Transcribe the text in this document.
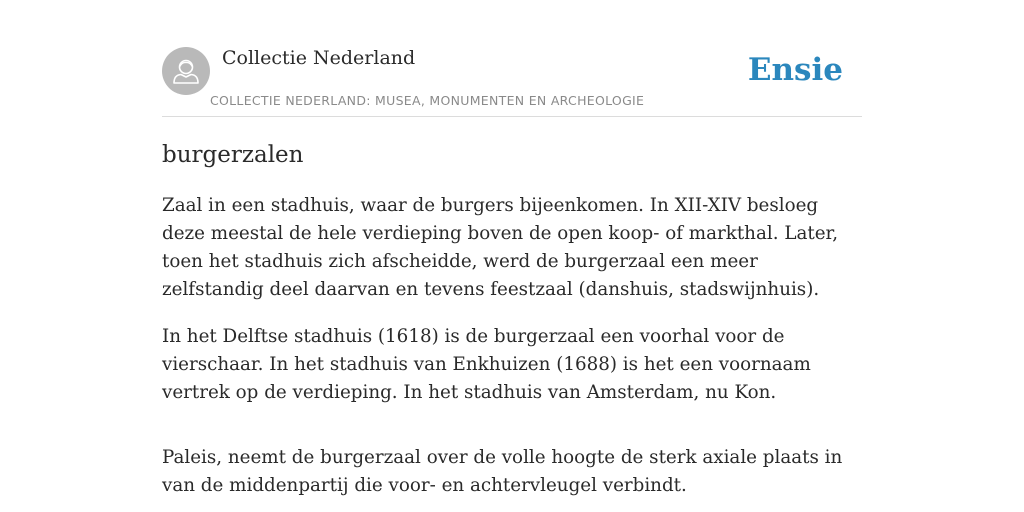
Collectie Nederland
COLLECTIE NEDERLAND: MUSEA, MONUMENTEN EN ARCHEOLOGIE
Ensie
burgerzalen

Zaal in een stadhuis, waar de burgers bijeenkomen. In XII-XIV besloeg deze meestal de hele verdieping boven de open koop- of markthal. Later, toen het stadhuis zich afscheidde, werd de burgerzaal een meer zelfstandig deel daarvan en tevens feestzaal (danshuis, stadswijnhuis).

In het Delftse stadhuis (1618) is de burgerzaal een voorhal voor de vierschaar. In het stadhuis van Enkhuizen (1688) is het een voornaam vertrek op de verdieping. In het stadhuis van Amsterdam, nu Kon.

Paleis, neemt de burgerzaal over de volle hoogte de sterk axiale plaats in van de middenpartij die voor- en achtervleugel verbindt.
